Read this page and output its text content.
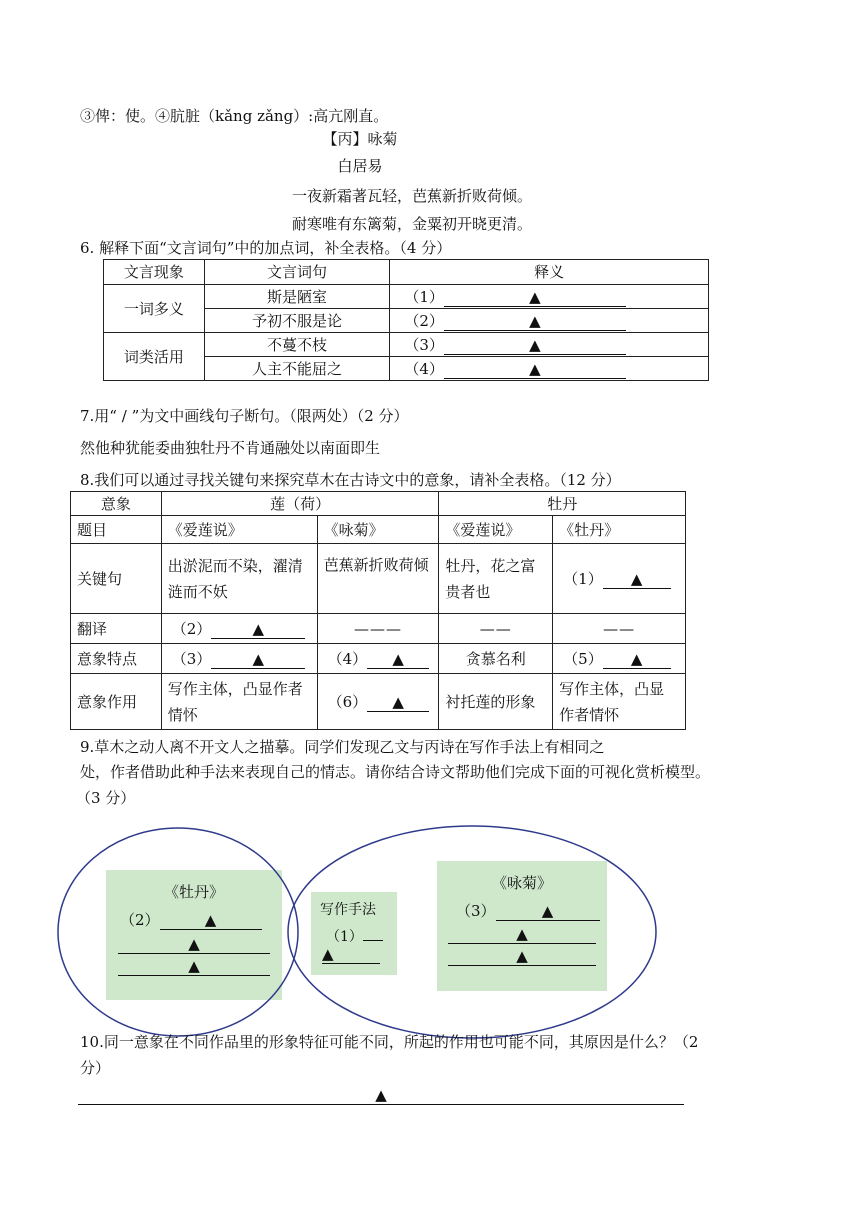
③俾：使。④肮脏（kǎng zǎng）:高亢刚直。
【丙】咏菊
白居易
一夜新霜著瓦轻，芭蕉新折败荷倾。
耐寒唯有东篱菊，金粟初开晓更清。
6. 解释下面“文言词句”中的加点词，补全表格。（4 分）
文言现象	文言词句	释义
一词多义	斯是陋室	（1） ▲
	予初不服是论	（2） ▲
词类活用	不蔓不枝	（3） ▲
	人主不能屈之	（4） ▲
7.用“ / ”为文中画线句子断句。（限两处）（2 分）
然他种犹能委曲独牡丹不肯通融处以南面即生
8.我们可以通过寻找关键句来探究草木在古诗文中的意象，请补全表格。（12 分）
意象	莲（荷）		牡丹	
题目	《爱莲说》	《咏菊》	《爱莲说》	《牡丹》
关键句	出淤泥而不染，濯清涟而不妖	芭蕉新折败荷倾	牡丹，花之富贵者也	（1） ▲
翻译	（2） ▲	———	——	——
意象特点	（3） ▲	（4） ▲	贪慕名利	（5） ▲
意象作用	写作主体，凸显作者情怀	（6） ▲	衬托莲的形象	写作主体，凸显作者情怀
9.草木之动人离不开文人之描摹。同学们发现乙文与丙诗在写作手法上有相同之
处，作者借助此种手法来表现自己的情志。请你结合诗文帮助他们完成下面的可视化赏析模型。
（3 分）
《牡丹》
（2）	▲
▲
▲
写作手法
（1）
▲
《咏菊》
（3）	▲
▲
▲
10.同一意象在不同作品里的形象特征可能不同，所起的作用也可能不同，其原因是什么？（2
分）
▲
